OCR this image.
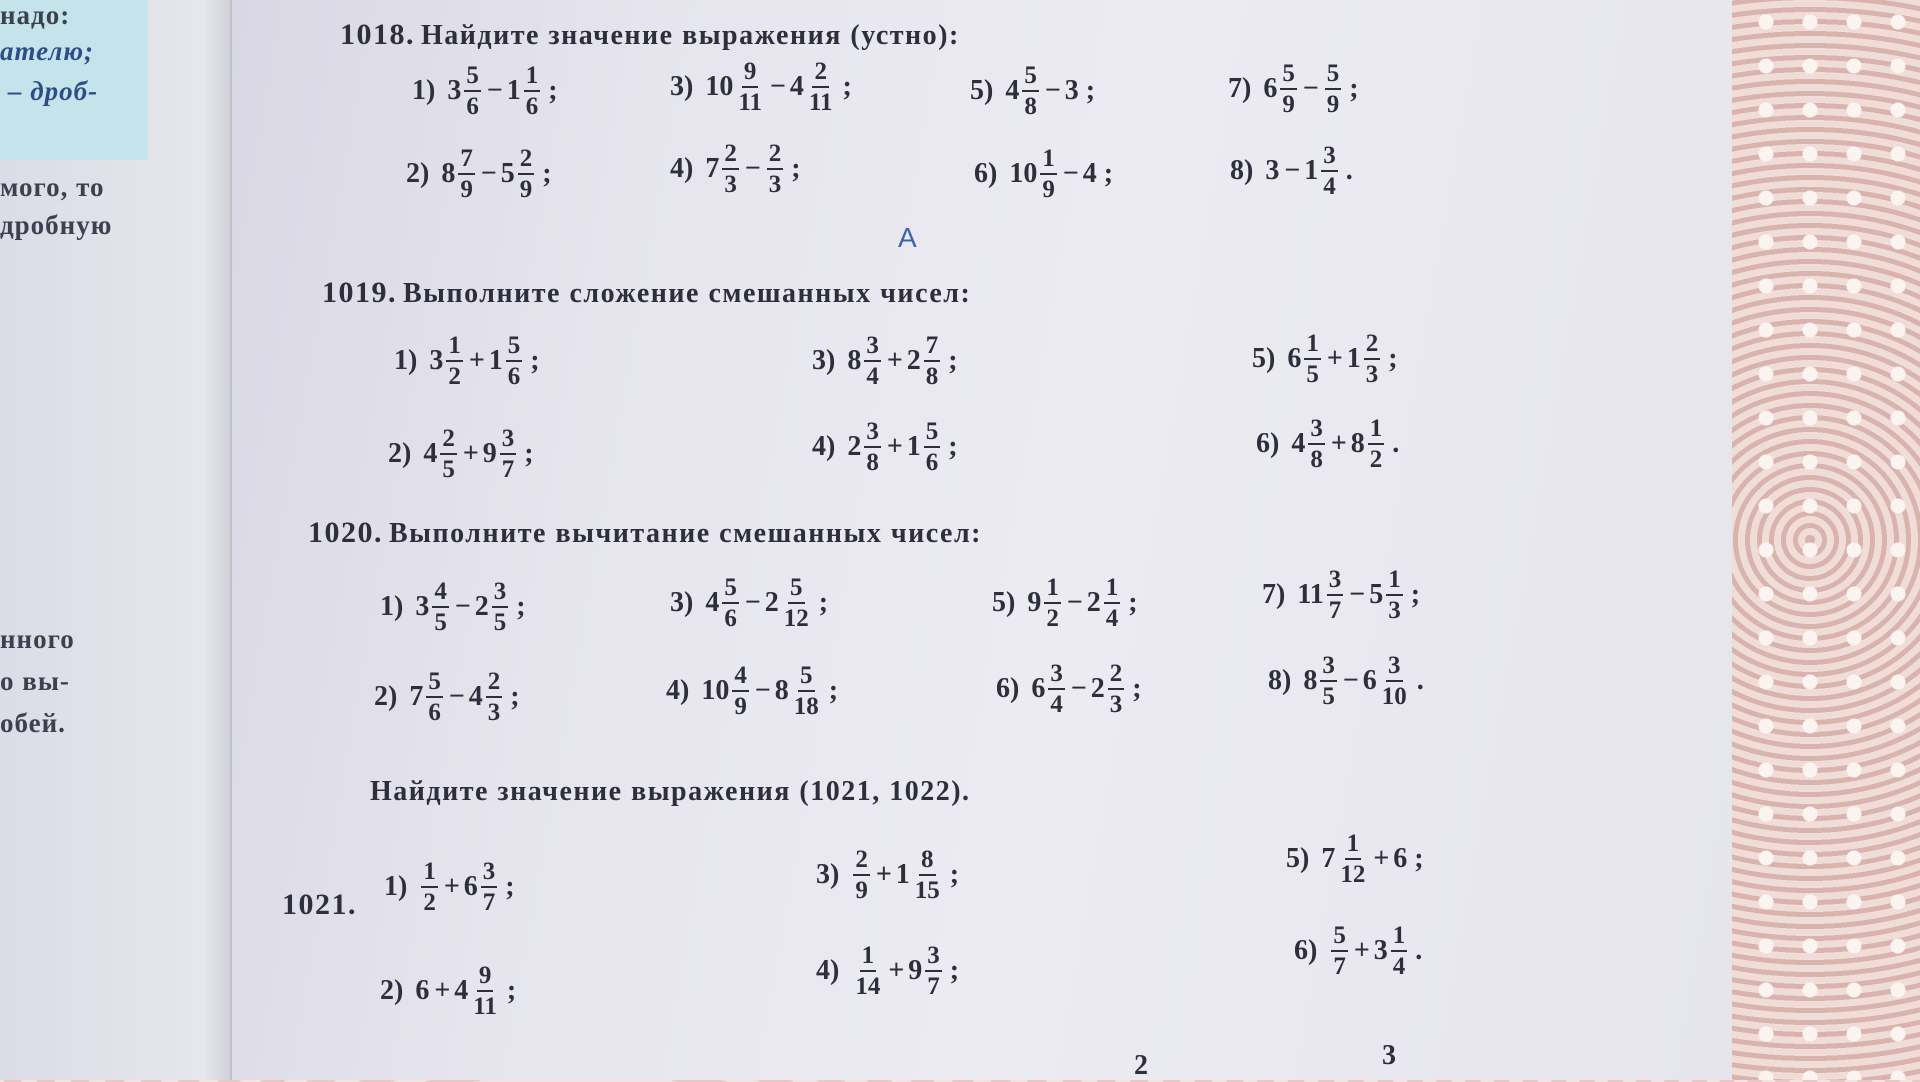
надо:
ателю;
– дроб-
мого, то
дробную
нного
о вы-
обей.
1018. Найдите значение выражения (устно):
1) $3 \frac{5}{6} - 1 \frac{1}{6}$ ;
2) $8 \frac{7}{9} - 5 \frac{2}{9}$ ;
3) $10 \frac{9}{11} - 4 \frac{2}{11}$ ;
4) $7 \frac{2}{3} - \frac{2}{3}$ ;
5) $4 \frac{5}{8} - 3$ ;
6) $10 \frac{1}{9} - 4$ ;
7) $6 \frac{5}{9} - \frac{5}{9}$ ;
8) $3 - 1 \frac{3}{4}$ .
А
1019. Выполните сложение смешанных чисел:
1) $3 \frac{1}{2} + 1 \frac{5}{6}$ ;
2) $4 \frac{2}{5} + 9 \frac{3}{7}$ ;
3) $8 \frac{3}{4} + 2 \frac{7}{8}$ ;
4) $2 \frac{3}{8} + 1 \frac{5}{6}$ ;
5) $6 \frac{1}{5} + 1 \frac{2}{3}$ ;
6) $4 \frac{3}{8} + 8 \frac{1}{2}$ .
1020. Выполните вычитание смешанных чисел:
1) $3 \frac{4}{5} - 2 \frac{3}{5}$ ;
2) $7 \frac{5}{6} - 4 \frac{2}{3}$ ;
3) $4 \frac{5}{6} - 2 \frac{5}{12}$ ;
4) $10 \frac{4}{9} - 8 \frac{5}{18}$ ;
5) $9 \frac{1}{2} - 2 \frac{1}{4}$ ;
6) $6 \frac{3}{4} - 2 \frac{2}{3}$ ;
7) $11 \frac{3}{7} - 5 \frac{1}{3}$ ;
8) $8 \frac{3}{5} - 6 \frac{3}{10}$ .
Найдите значение выражения (1021, 1022).
1021.
$1) \frac{1}{2} + 6 \frac{3}{7}$ ;
2) $6 + 4 \frac{9}{11}$ ;
$3) \frac{2}{9} + 1 \frac{8}{15}$ ;
$4) \frac{1}{14} + 9 \frac{3}{7}$ ;
5) $7 \frac{1}{12} + 6$ ;
$6) \frac{5}{7} + 3 \frac{1}{4}$ .
2	3
